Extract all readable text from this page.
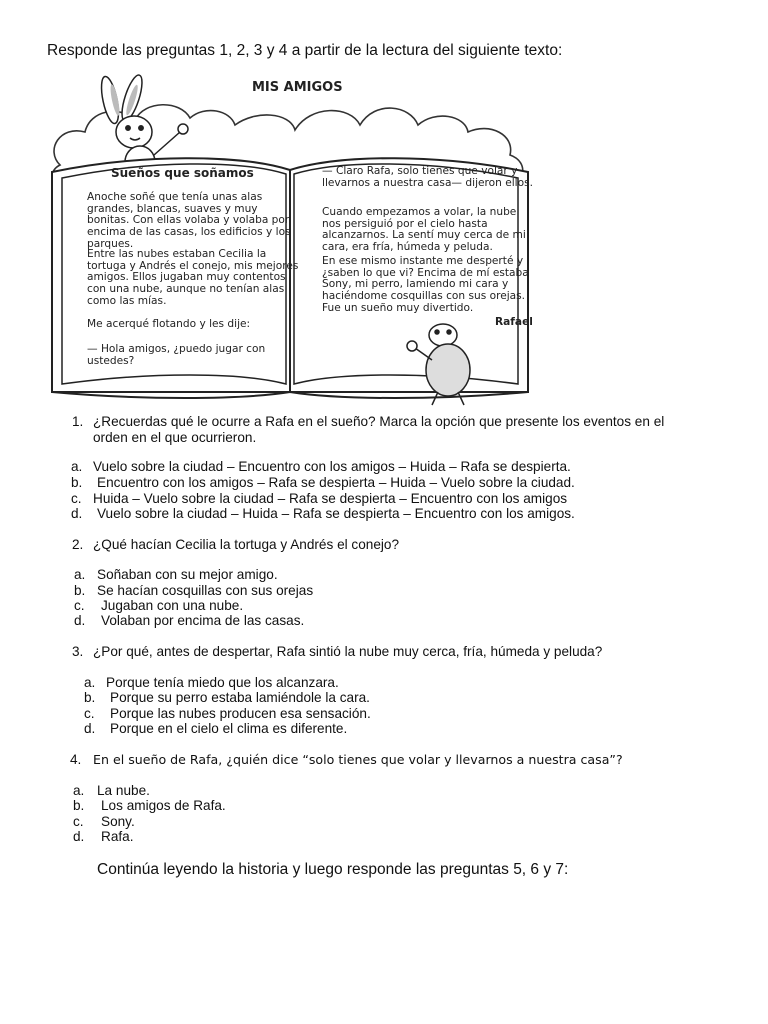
Responde las preguntas 1, 2, 3 y 4 a partir de la lectura del siguiente texto:
MIS AMIGOS
Sueños que soñamos
Anoche soñé que tenía unas alas grandes, blancas, suaves y muy bonitas. Con ellas volaba y volaba por encima de las casas, los edificios y los parques.
Entre las nubes estaban Cecilia la tortuga y Andrés el conejo, mis mejores amigos. Ellos jugaban muy contentos con una nube, aunque no tenían alas como las mías.
Me acerqué flotando y les dije:
— Hola amigos, ¿puedo jugar con ustedes?
— Claro Rafa, solo tienes que volar y llevarnos a nuestra casa— dijeron ellos.
Cuando empezamos a volar, la nube nos persiguió por el cielo hasta alcanzarnos. La sentí muy cerca de mi cara, era fría, húmeda y peluda.
En ese mismo instante me desperté y ¿saben lo que vi? Encima de mí estaba Sony, mi perro, lamiendo mi cara y haciéndome cosquillas con sus orejas. Fue un sueño muy divertido.
Rafael
1. ¿Recuerdas qué le ocurre a Rafa en el sueño? Marca la opción que presente los eventos en el
orden en el que ocurrieron.
a. Vuelo sobre la ciudad – Encuentro con los amigos – Huida – Rafa se despierta.
b. Encuentro con los amigos – Rafa se despierta – Huida – Vuelo sobre la ciudad.
c. Huida – Vuelo sobre la ciudad – Rafa se despierta – Encuentro con los amigos
d. Vuelo sobre la ciudad – Huida – Rafa se despierta – Encuentro con los amigos.
2. ¿Qué hacían Cecilia la tortuga y Andrés el conejo?
a. Soñaban con su mejor amigo.
b. Se hacían cosquillas con sus orejas
c. Jugaban con una nube.
d. Volaban por encima de las casas.
3. ¿Por qué, antes de despertar, Rafa sintió la nube muy cerca, fría, húmeda y peluda?
a. Porque tenía miedo que los alcanzara.
b. Porque su perro estaba lamiéndole la cara.
c. Porque las nubes producen esa sensación.
d. Porque en el cielo el clima es diferente.
4. En el sueño de Rafa, ¿quién dice “solo tienes que volar y llevarnos a nuestra casa”?
a. La nube.
b. Los amigos de Rafa.
c. Sony.
d. Rafa.
Continúa leyendo la historia y luego responde las preguntas 5, 6 y 7:
